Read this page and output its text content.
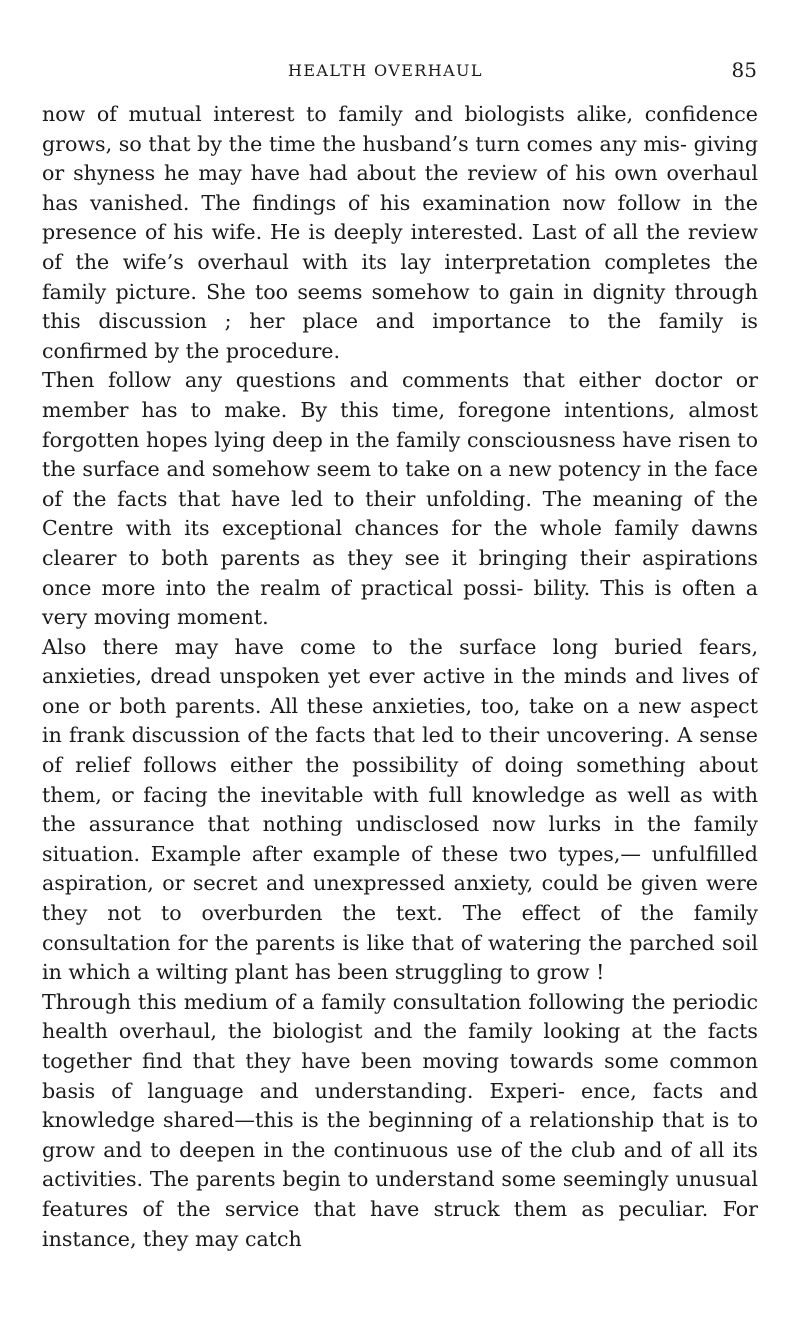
HEALTH OVERHAUL	85

now of mutual interest to family and biologists alike, confidence grows, so that by the time the husband’s turn comes any mis- giving or shyness he may have had about the review of his own overhaul has vanished. The findings of his examination now follow in the presence of his wife. He is deeply interested. Last of all the review of the wife’s overhaul with its lay interpretation completes the family picture. She too seems somehow to gain in dignity through this discussion ; her place and importance to the family is confirmed by the procedure.

Then follow any questions and comments that either doctor or member has to make. By this time, foregone intentions, almost forgotten hopes lying deep in the family consciousness have risen to the surface and somehow seem to take on a new potency in the face of the facts that have led to their unfolding. The meaning of the Centre with its exceptional chances for the whole family dawns clearer to both parents as they see it bringing their aspirations once more into the realm of practical possi- bility. This is often a very moving moment.

Also there may have come to the surface long buried fears, anxieties, dread unspoken yet ever active in the minds and lives of one or both parents. All these anxieties, too, take on a new aspect in frank discussion of the facts that led to their uncovering. A sense of relief follows either the possibility of doing something about them, or facing the inevitable with full knowledge as well as with the assurance that nothing undisclosed now lurks in the family situation. Example after example of these two types,— unfulfilled aspiration, or secret and unexpressed anxiety, could be given were they not to overburden the text. The effect of the family consultation for the parents is like that of watering the parched soil in which a wilting plant has been struggling to grow !

Through this medium of a family consultation following the periodic health overhaul, the biologist and the family looking at the facts together find that they have been moving towards some common basis of language and understanding. Experi- ence, facts and knowledge shared—this is the beginning of a relationship that is to grow and to deepen in the continuous use of the club and of all its activities. The parents begin to understand some seemingly unusual features of the service that have struck them as peculiar. For instance, they may catch
